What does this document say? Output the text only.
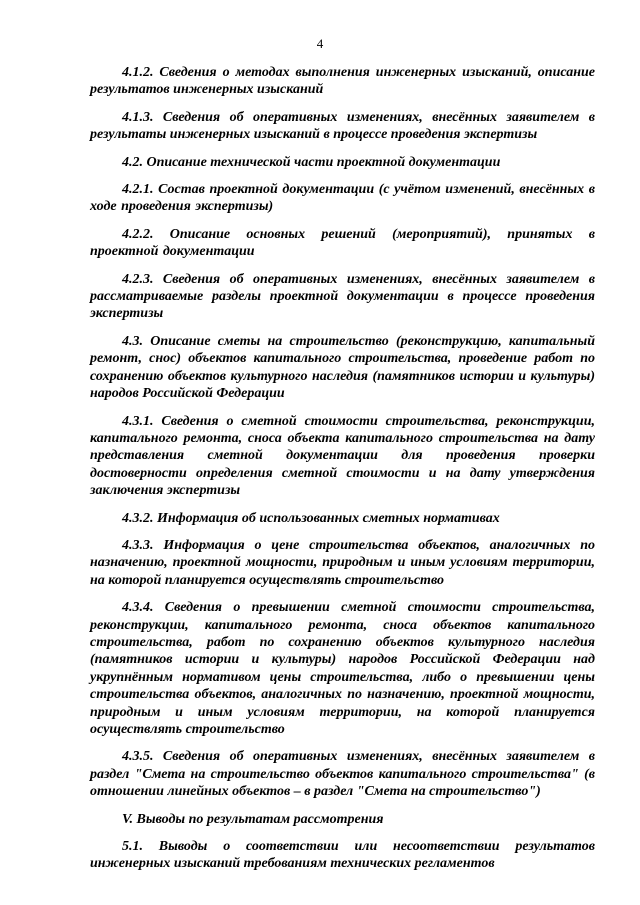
4

4.1.2. Сведения о методах выполнения инженерных изысканий, описание результатов инженерных изысканий

4.1.3. Сведения об оперативных изменениях, внесённых заявителем в результаты инженерных изысканий в процессе проведения экспертизы

4.2. Описание технической части проектной документации

4.2.1. Состав проектной документации (с учётом изменений, внесённых в ходе проведения экспертизы)

4.2.2. Описание основных решений (мероприятий), принятых в проектной документации

4.2.3. Сведения об оперативных изменениях, внесённых заявителем в рассматриваемые разделы проектной документации в процессе проведения экспертизы

4.3. Описание сметы на строительство (реконструкцию, капитальный ремонт, снос) объектов капитального строительства, проведение работ по сохранению объектов культурного наследия (памятников истории и культуры) народов Российской Федерации

4.3.1. Сведения о сметной стоимости строительства, реконструкции, капитального ремонта, сноса объекта капитального строительства на дату представления сметной документации для проведения проверки достоверности определения сметной стоимости и на дату утверждения заключения экспертизы

4.3.2. Информация об использованных сметных нормативах

4.3.3. Информация о цене строительства объектов, аналогичных по назначению, проектной мощности, природным и иным условиям территории, на которой планируется осуществлять строительство

4.3.4. Сведения о превышении сметной стоимости строительства, реконструкции, капитального ремонта, сноса объектов капитального строительства, работ по сохранению объектов культурного наследия (памятников истории и культуры) народов Российской Федерации над укрупнённым нормативом цены строительства, либо о превышении цены строительства объектов, аналогичных по назначению, проектной мощности, природным и иным условиям территории, на которой планируется осуществлять строительство

4.3.5. Сведения об оперативных изменениях, внесённых заявителем в раздел "Смета на строительство объектов капитального строительства" (в отношении линейных объектов – в раздел "Смета на строительство")

V. Выводы по результатам рассмотрения

5.1. Выводы о соответствии или несоответствии результатов инженерных изысканий требованиям технических регламентов
